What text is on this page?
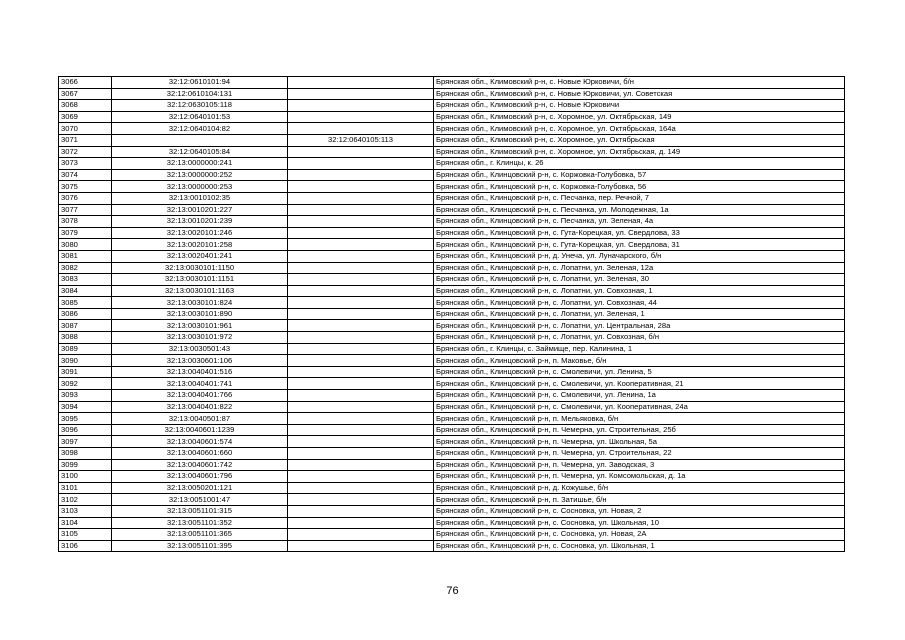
3066	32:12:0610101:94		Брянская обл., Климовский р-н, с. Новые Юрковичи, б/н
3067	32:12:0610104:131		Брянская обл., Климовский р-н, с. Новые Юрковичи, ул. Советская
3068	32:12:0630105:118		Брянская обл., Климовский р-н, с. Новые Юрковичи
3069	32:12:0640101:53		Брянская обл., Климовский р-н, с. Хоромное, ул. Октябрьская, 149
3070	32:12:0640104:82		Брянская обл., Климовский р-н, с. Хоромное, ул. Октябрьская, 164а
3071		32:12:0640105:113	Брянская обл., Климовский р-н, с. Хоромное, ул. Октябрьская
3072	32:12:0640105:84		Брянская обл., Климовский р-н, с. Хоромное, ул. Октябрьская, д. 149
3073	32:13:0000000:241		Брянская обл., г. Клинцы, к. 26
3074	32:13:0000000:252		Брянская обл., Клинцовский р-н, с. Коржовка-Голубовка, 57
3075	32:13:0000000:253		Брянская обл., Клинцовский р-н, с. Коржовка-Голубовка, 56
3076	32:13:0010102:35		Брянская обл., Клинцовский р-н, с. Песчанка, пер. Речной, 7
3077	32:13:0010201:227		Брянская обл., Клинцовский р-н, с. Песчанка, ул. Молодежная, 1а
3078	32:13:0010201:239		Брянская обл., Клинцовский р-н, с. Песчанка, ул. Зеленая, 4а
3079	32:13:0020101:246		Брянская обл., Клинцовский р-н, с. Гута-Корецкая, ул. Свердлова, 33
3080	32:13:0020101:258		Брянская обл., Клинцовский р-н, с. Гута-Корецкая, ул. Свердлова, 31
3081	32:13:0020401:241		Брянская обл., Клинцовский р-н, д. Унеча, ул. Луначарского, б/н
3082	32:13:0030101:1150		Брянская обл., Клинцовский р-н, с. Лопатни, ул. Зеленая, 12а
3083	32:13:0030101:1151		Брянская обл., Клинцовский р-н, с. Лопатни, ул. Зеленая, 30
3084	32:13:0030101:1163		Брянская обл., Клинцовский р-н, с. Лопатни, ул. Совхозная, 1
3085	32:13:0030101:824		Брянская обл., Клинцовский р-н, с. Лопатни, ул. Совхозная, 44
3086	32:13:0030101:890		Брянская обл., Клинцовский р-н, с. Лопатни, ул. Зеленая, 1
3087	32:13:0030101:961		Брянская обл., Клинцовский р-н, с. Лопатни, ул. Центральная, 28а
3088	32:13:0030101:972		Брянская обл., Клинцовский р-н, с. Лопатни, ул. Совхозная, б/н
3089	32:13:0030501:43		Брянская обл., г. Клинцы, с. Займище, пер. Калинина, 1
3090	32:13:0030601:106		Брянская обл., Клинцовский р-н, п. Маковье, б/н
3091	32:13:0040401:516		Брянская обл., Клинцовский р-н, с. Смолевичи, ул. Ленина, 5
3092	32:13:0040401:741		Брянская обл., Клинцовский р-н, с. Смолевичи, ул. Кооперативная, 21
3093	32:13:0040401:766		Брянская обл., Клинцовский р-н, с. Смолевичи, ул. Ленина, 1а
3094	32:13:0040401:822		Брянская обл., Клинцовский р-н, с. Смолевичи, ул. Кооперативная, 24а
3095	32:13:0040501:87		Брянская обл., Клинцовский р-н, п. Мельяковка, б/н
3096	32:13:0040601:1239		Брянская обл., Клинцовский р-н, п. Чемерна, ул. Строительная, 25б
3097	32:13:0040601:574		Брянская обл., Клинцовский р-н, п. Чемерна, ул. Школьная, 5а
3098	32:13:0040601:660		Брянская обл., Клинцовский р-н, п. Чемерна, ул. Строительная, 22
3099	32:13:0040601:742		Брянская обл., Клинцовский р-н, п. Чемерна, ул. Заводская, 3
3100	32:13:0040601:796		Брянская обл., Клинцовский р-н, п. Чемерна, ул. Комсомольская, д. 1а
3101	32:13:0050201:121		Брянская обл., Клинцовский р-н, д. Кожушье, б/н
3102	32:13:0051001:47		Брянская обл., Клинцовский р-н, п. Затишье, б/н
3103	32:13:0051101:315		Брянская обл., Клинцовский р-н, с. Сосновка, ул. Новая, 2
3104	32:13:0051101:352		Брянская обл., Клинцовский р-н, с. Сосновка, ул. Школьная, 10
3105	32:13:0051101:365		Брянская обл., Клинцовский р-н, с. Сосновка, ул. Новая, 2А
3106	32:13:0051101:395		Брянская обл., Клинцовский р-н, с. Сосновка, ул. Школьная, 1
76
